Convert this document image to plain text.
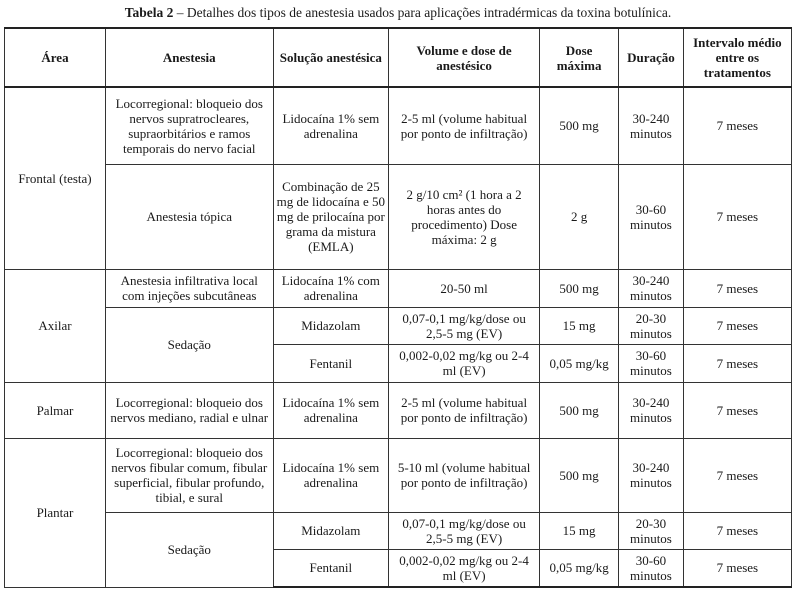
Tabela 2 – Detalhes dos tipos de anestesia usados para aplicações intradérmicas da toxina botulínica.
Área	Anestesia	Solução anestésica	Volume e dose de anestésico	Dose máxima	Duração	Intervalo médio entre os tratamentos
Frontal (testa)	Locorregional: bloqueio dos nervos supratrocleares, supraorbitários e ramos temporais do nervo facial	Lidocaína 1% sem adrenalina	2-5 ml (volume habitual por ponto de infiltração)	500 mg	30-240 minutos	7 meses
	Anestesia tópica	Combinação de 25 mg de lidocaína e 50 mg de prilocaína por grama da mistura (EMLA)	2 g/10 cm² (1 hora a 2 horas antes do procedimento) Dose máxima: 2 g	2 g	30-60 minutos	7 meses
Axilar	Anestesia infiltrativa local com injeções subcutâneas	Lidocaína 1% com adrenalina	20-50 ml	500 mg	30-240 minutos	7 meses
	Sedação	Midazolam	0,07-0,1 mg/kg/dose ou 2,5-5 mg (EV)	15 mg	20-30 minutos	7 meses
		Fentanil	0,002-0,02 mg/kg ou 2-4 ml (EV)	0,05 mg/kg	30-60 minutos	7 meses
Palmar	Locorregional: bloqueio dos nervos mediano, radial e ulnar	Lidocaína 1% sem adrenalina	2-5 ml (volume habitual por ponto de infiltração)	500 mg	30-240 minutos	7 meses
Plantar	Locorregional: bloqueio dos nervos fibular comum, fibular superficial, fibular profundo, tibial, e sural	Lidocaína 1% sem adrenalina	5-10 ml (volume habitual por ponto de infiltração)	500 mg	30-240 minutos	7 meses
	Sedação	Midazolam	0,07-0,1 mg/kg/dose ou 2,5-5 mg (EV)	15 mg	20-30 minutos	7 meses
		Fentanil	0,002-0,02 mg/kg ou 2-4 ml (EV)	0,05 mg/kg	30-60 minutos	7 meses
